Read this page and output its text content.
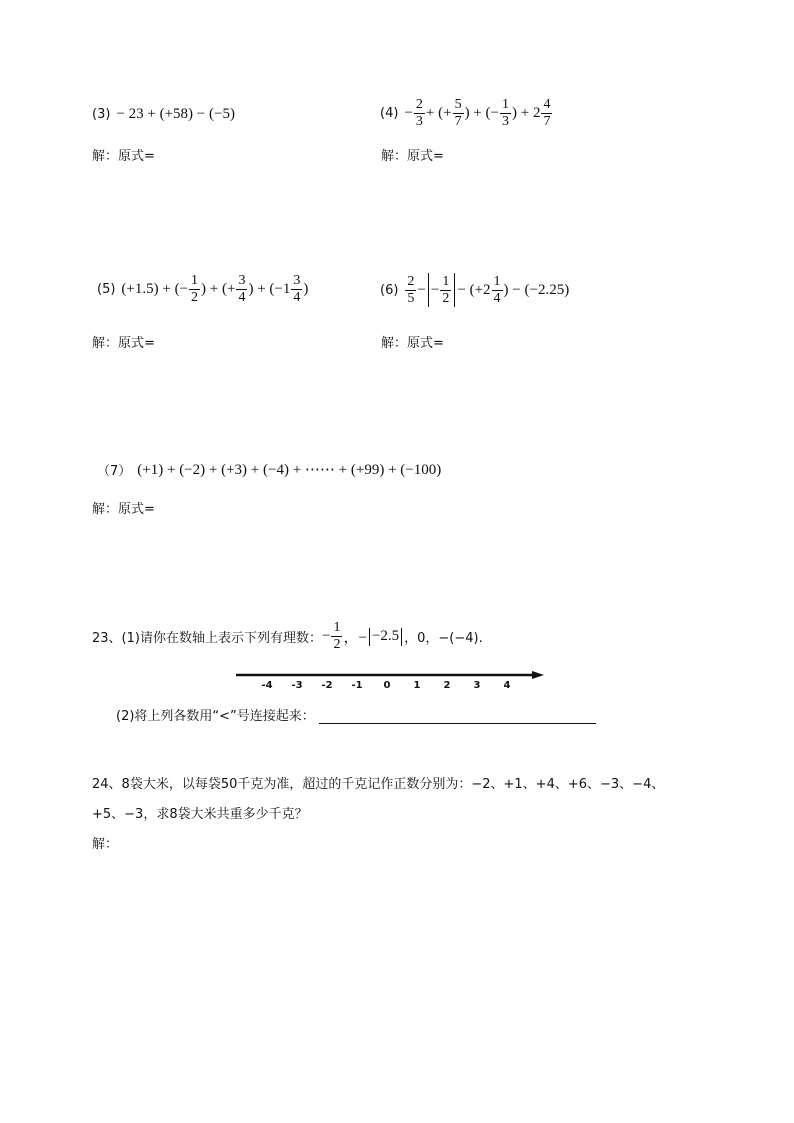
(3) − 23 + (+58) − (−5)
解：原式=
$(4) - \frac{2}{3}$ + (+ $\frac{5}{7}$ ) + (− $\frac{1}{3}$ ) + $2 \frac{4}{7}$
解：原式=
(5) (+1.5) + (− $\frac{1}{2}$ ) + (+ $\frac{3}{4}$ ) + ($-1 \frac{3}{4}$ )
解：原式=
$(6) \frac{2}{5}$ −
− $\frac{1}{2} - (+2 \frac{1}{4}$ ) − (−2.25)
解：原式=
（7） (+1) + (−2) + (+3) + (−4) + ⋯⋯ + (+99) + (−100)
解：原式=
23、(1)请你在数轴上表示下列有理数： − $\frac{1}{2}$ ，− −2.5 ，0，−(−4).
-4 -3 -2 -1 0 1 2 3 4
(2)将上列各数用“<”号连接起来：
24、8袋大米，以每袋50千克为准，超过的千克记作正数分别为：−2、+1、+4、+6、−3、−4、
+5、−3，求8袋大米共重多少千克？
解：
